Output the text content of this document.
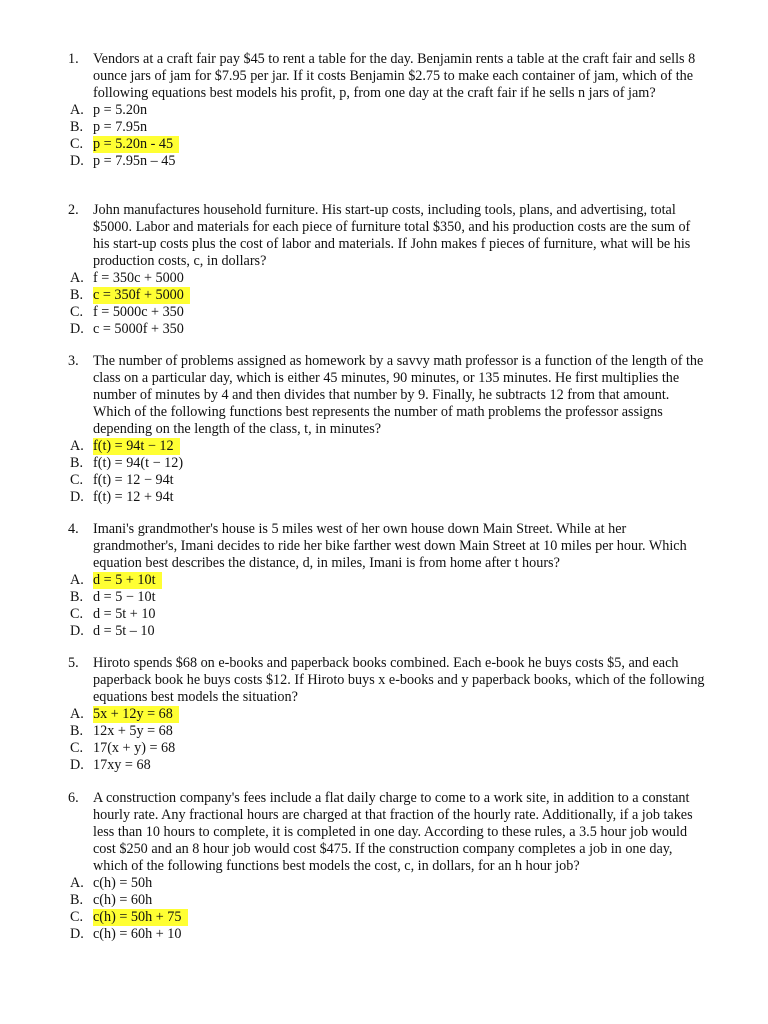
1. Vendors at a craft fair pay $45 to rent a table for the day. Benjamin rents a table at the craft fair and sells 8 ounce jars of jam for $7.95 per jar. If it costs Benjamin $2.75 to make each container of jam, which of the following equations best models his profit, p, from one day at the craft fair if he sells n jars of jam?
A. p = 5.20n
B. p = 7.95n
C. p = 5.20n - 45
D. p = 7.95n – 45
2. John manufactures household furniture. His start-up costs, including tools, plans, and advertising, total $5000. Labor and materials for each piece of furniture total $350, and his production costs are the sum of his start-up costs plus the cost of labor and materials. If John makes f pieces of furniture, what will be his production costs, c, in dollars?
A. f = 350c + 5000
B. c = 350f + 5000
C. f = 5000c + 350
D. c = 5000f + 350
3. The number of problems assigned as homework by a savvy math professor is a function of the length of the class on a particular day, which is either 45 minutes, 90 minutes, or 135 minutes. He first multiplies the number of minutes by 4 and then divides that number by 9. Finally, he subtracts 12 from that amount. Which of the following functions best represents the number of math problems the professor assigns depending on the length of the class, t, in minutes?
A. f(t) = 94t − 12
B. f(t) = 94(t − 12)
C. f(t) = 12 − 94t
D. f(t) = 12 + 94t
4. Imani's grandmother's house is 5 miles west of her own house down Main Street. While at her grandmother's, Imani decides to ride her bike farther west down Main Street at 10 miles per hour. Which equation best describes the distance, d, in miles, Imani is from home after t hours?
A. d = 5 + 10t
B. d = 5 − 10t
C. d = 5t + 10
D. d = 5t – 10
5. Hiroto spends $68 on e-books and paperback books combined. Each e-book he buys costs $5, and each paperback book he buys costs $12. If Hiroto buys x e-books and y paperback books, which of the following equations best models the situation?
A. 5x + 12y = 68
B. 12x + 5y = 68
C. 17(x + y) = 68
D. 17xy = 68
6. A construction company's fees include a flat daily charge to come to a work site, in addition to a constant hourly rate. Any fractional hours are charged at that fraction of the hourly rate. Additionally, if a job takes less than 10 hours to complete, it is completed in one day. According to these rules, a 3.5 hour job would cost $250 and an 8 hour job would cost $475. If the construction company completes a job in one day, which of the following functions best models the cost, c, in dollars, for an h hour job?
A. c(h) = 50h
B. c(h) = 60h
C. c(h) = 50h + 75
D. c(h) = 60h + 10
